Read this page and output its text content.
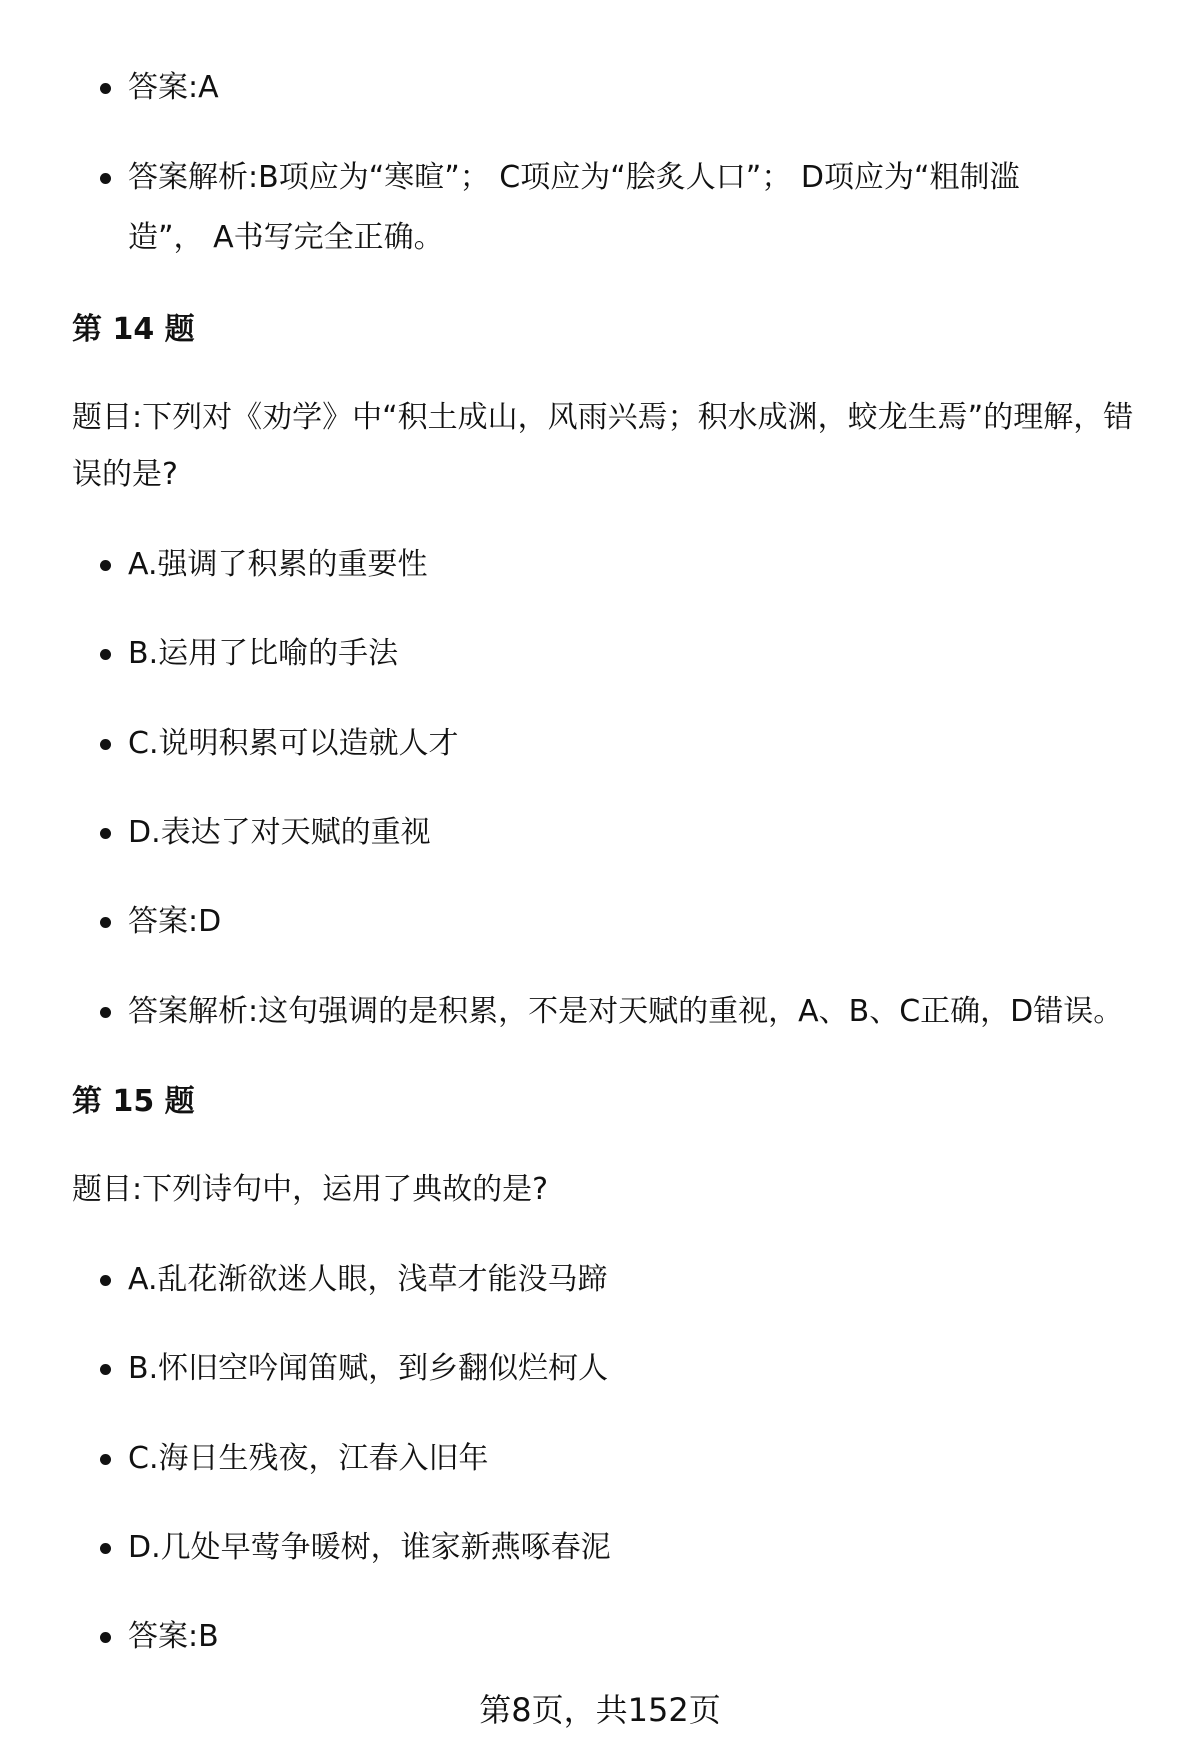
答案:A
答案解析:B项应为“寒暄”； C项应为“脍炙人口”； D项应为“粗制滥
造”， A书写完全正确。
第 14 题
题目:下列对《劝学》中“积土成山，风雨兴焉；积水成渊，蛟龙生焉”的理解，错
误的是?
A.强调了积累的重要性
B.运用了比喻的手法
C.说明积累可以造就人才
D.表达了对天赋的重视
答案:D
答案解析:这句强调的是积累，不是对天赋的重视，A、B、C正确，D错误。
第 15 题
题目:下列诗句中，运用了典故的是?
A.乱花渐欲迷人眼，浅草才能没马蹄
B.怀旧空吟闻笛赋，到乡翻似烂柯人
C.海日生残夜，江春入旧年
D.几处早莺争暖树，谁家新燕啄春泥
答案:B
第8页，共152页
